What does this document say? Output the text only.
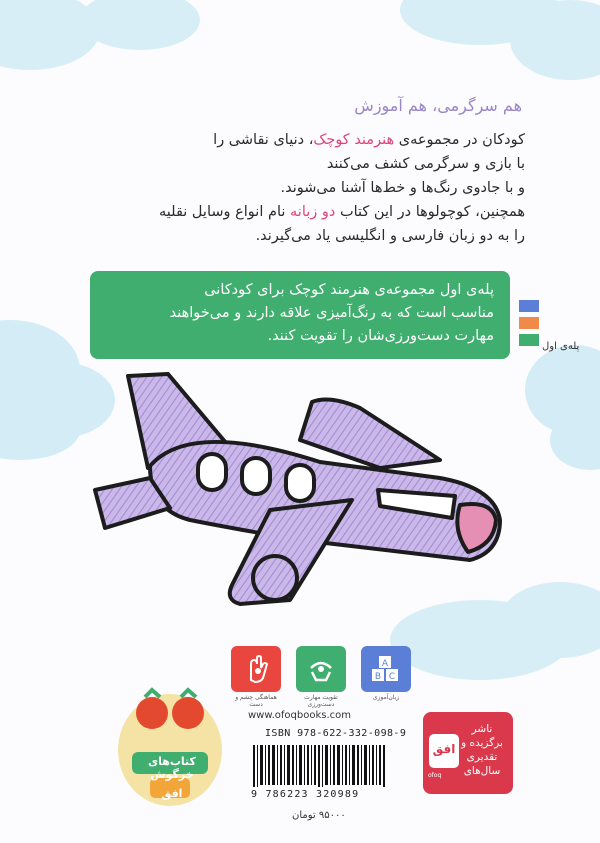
هم سرگرمی، هم آموزش

کودکان در مجموعه‌ی هنرمند کوچک، دنیای نقاشی را

با بازی و سرگرمی کشف می‌کنند

و با جادوی رنگ‌ها و خط‌ها آشنا می‌شوند.

همچنین، کوچولوها در این کتاب دو زبانه نام انواع وسایل نقلیه

را به دو زبان فارسی و انگلیسی یاد می‌گیرند.

پله‌ی اول مجموعه‌ی هنرمند کوچک برای کودکانی

مناسب است که به رنگ‌آمیزی علاقه دارند و می‌خواهند

مهارت دست‌ورزی‌شان را تقویت کنند.

پله‌ی اول
هماهنگی چشم و دست
تقویت مهارت دست‌ورزی
A
B C
زبان‌آموزی
www.ofoqbooks.com
ISBN 978-622-332-098-9
9 786223 320989
۹۵۰۰۰ تومان
افق
ofoq
ناشر برگزیده و تقدیری سال‌های
کتاب‌های خرگوش
افق
